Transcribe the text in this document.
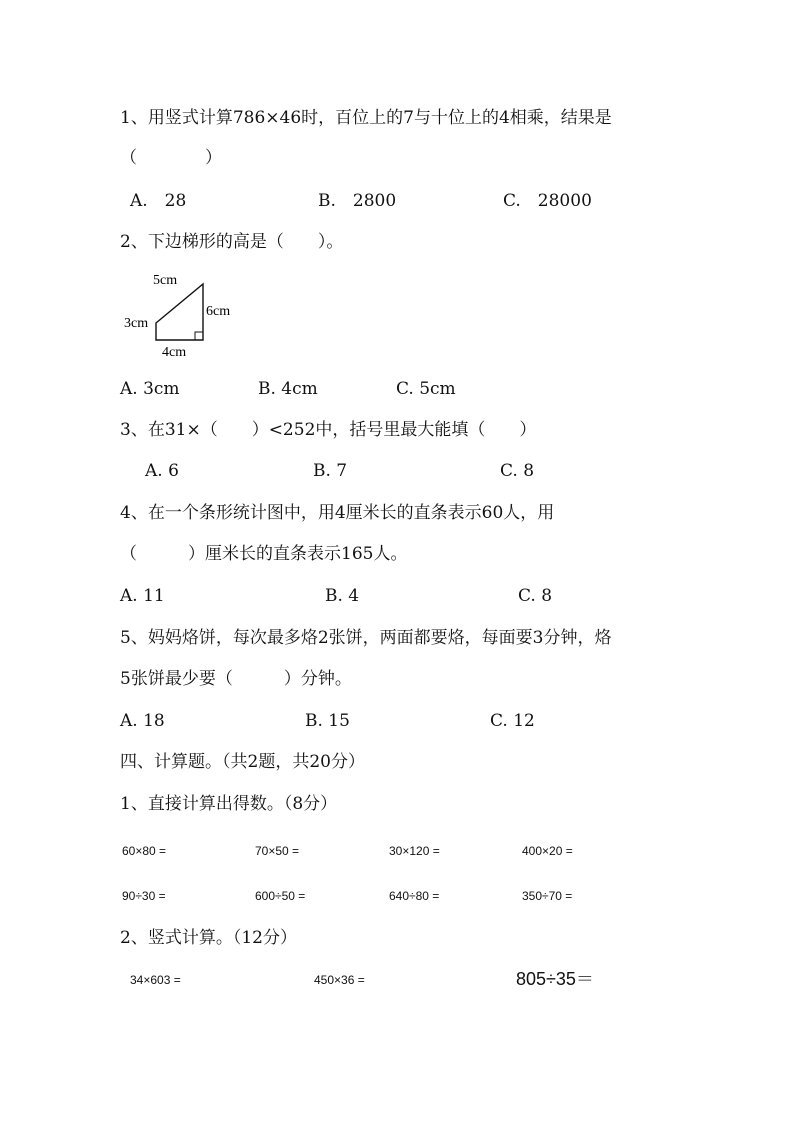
1、用竖式计算786×46时，百位上的7与十位上的4相乘，结果是
（　　　　）
A.　28	B.　2800	C.　28000
2、下边梯形的高是（　　）。
5cm
3cm
6cm
4cm
A. 3cm	B. 4cm	C. 5cm
3、在31×（　　）<252中，括号里最大能填（　　）
A. 6	B. 7	C. 8
4、在一个条形统计图中，用4厘米长的直条表示60人，用
（　　　）厘米长的直条表示165人。
A. 11	B. 4	C. 8
5、妈妈烙饼，每次最多烙2张饼，两面都要烙，每面要3分钟，烙
5张饼最少要（　　　）分钟。
A. 18	B. 15	C. 12
四、计算题。（共2题，共20分）
1、直接计算出得数。（8分）
60×80 =	70×50 =	30×120 =	400×20 =
90÷30 =	600÷50 =	640÷80 =	350÷70 =
2、竖式计算。（12分）
34×603 =	450×36 =	805÷35＝
